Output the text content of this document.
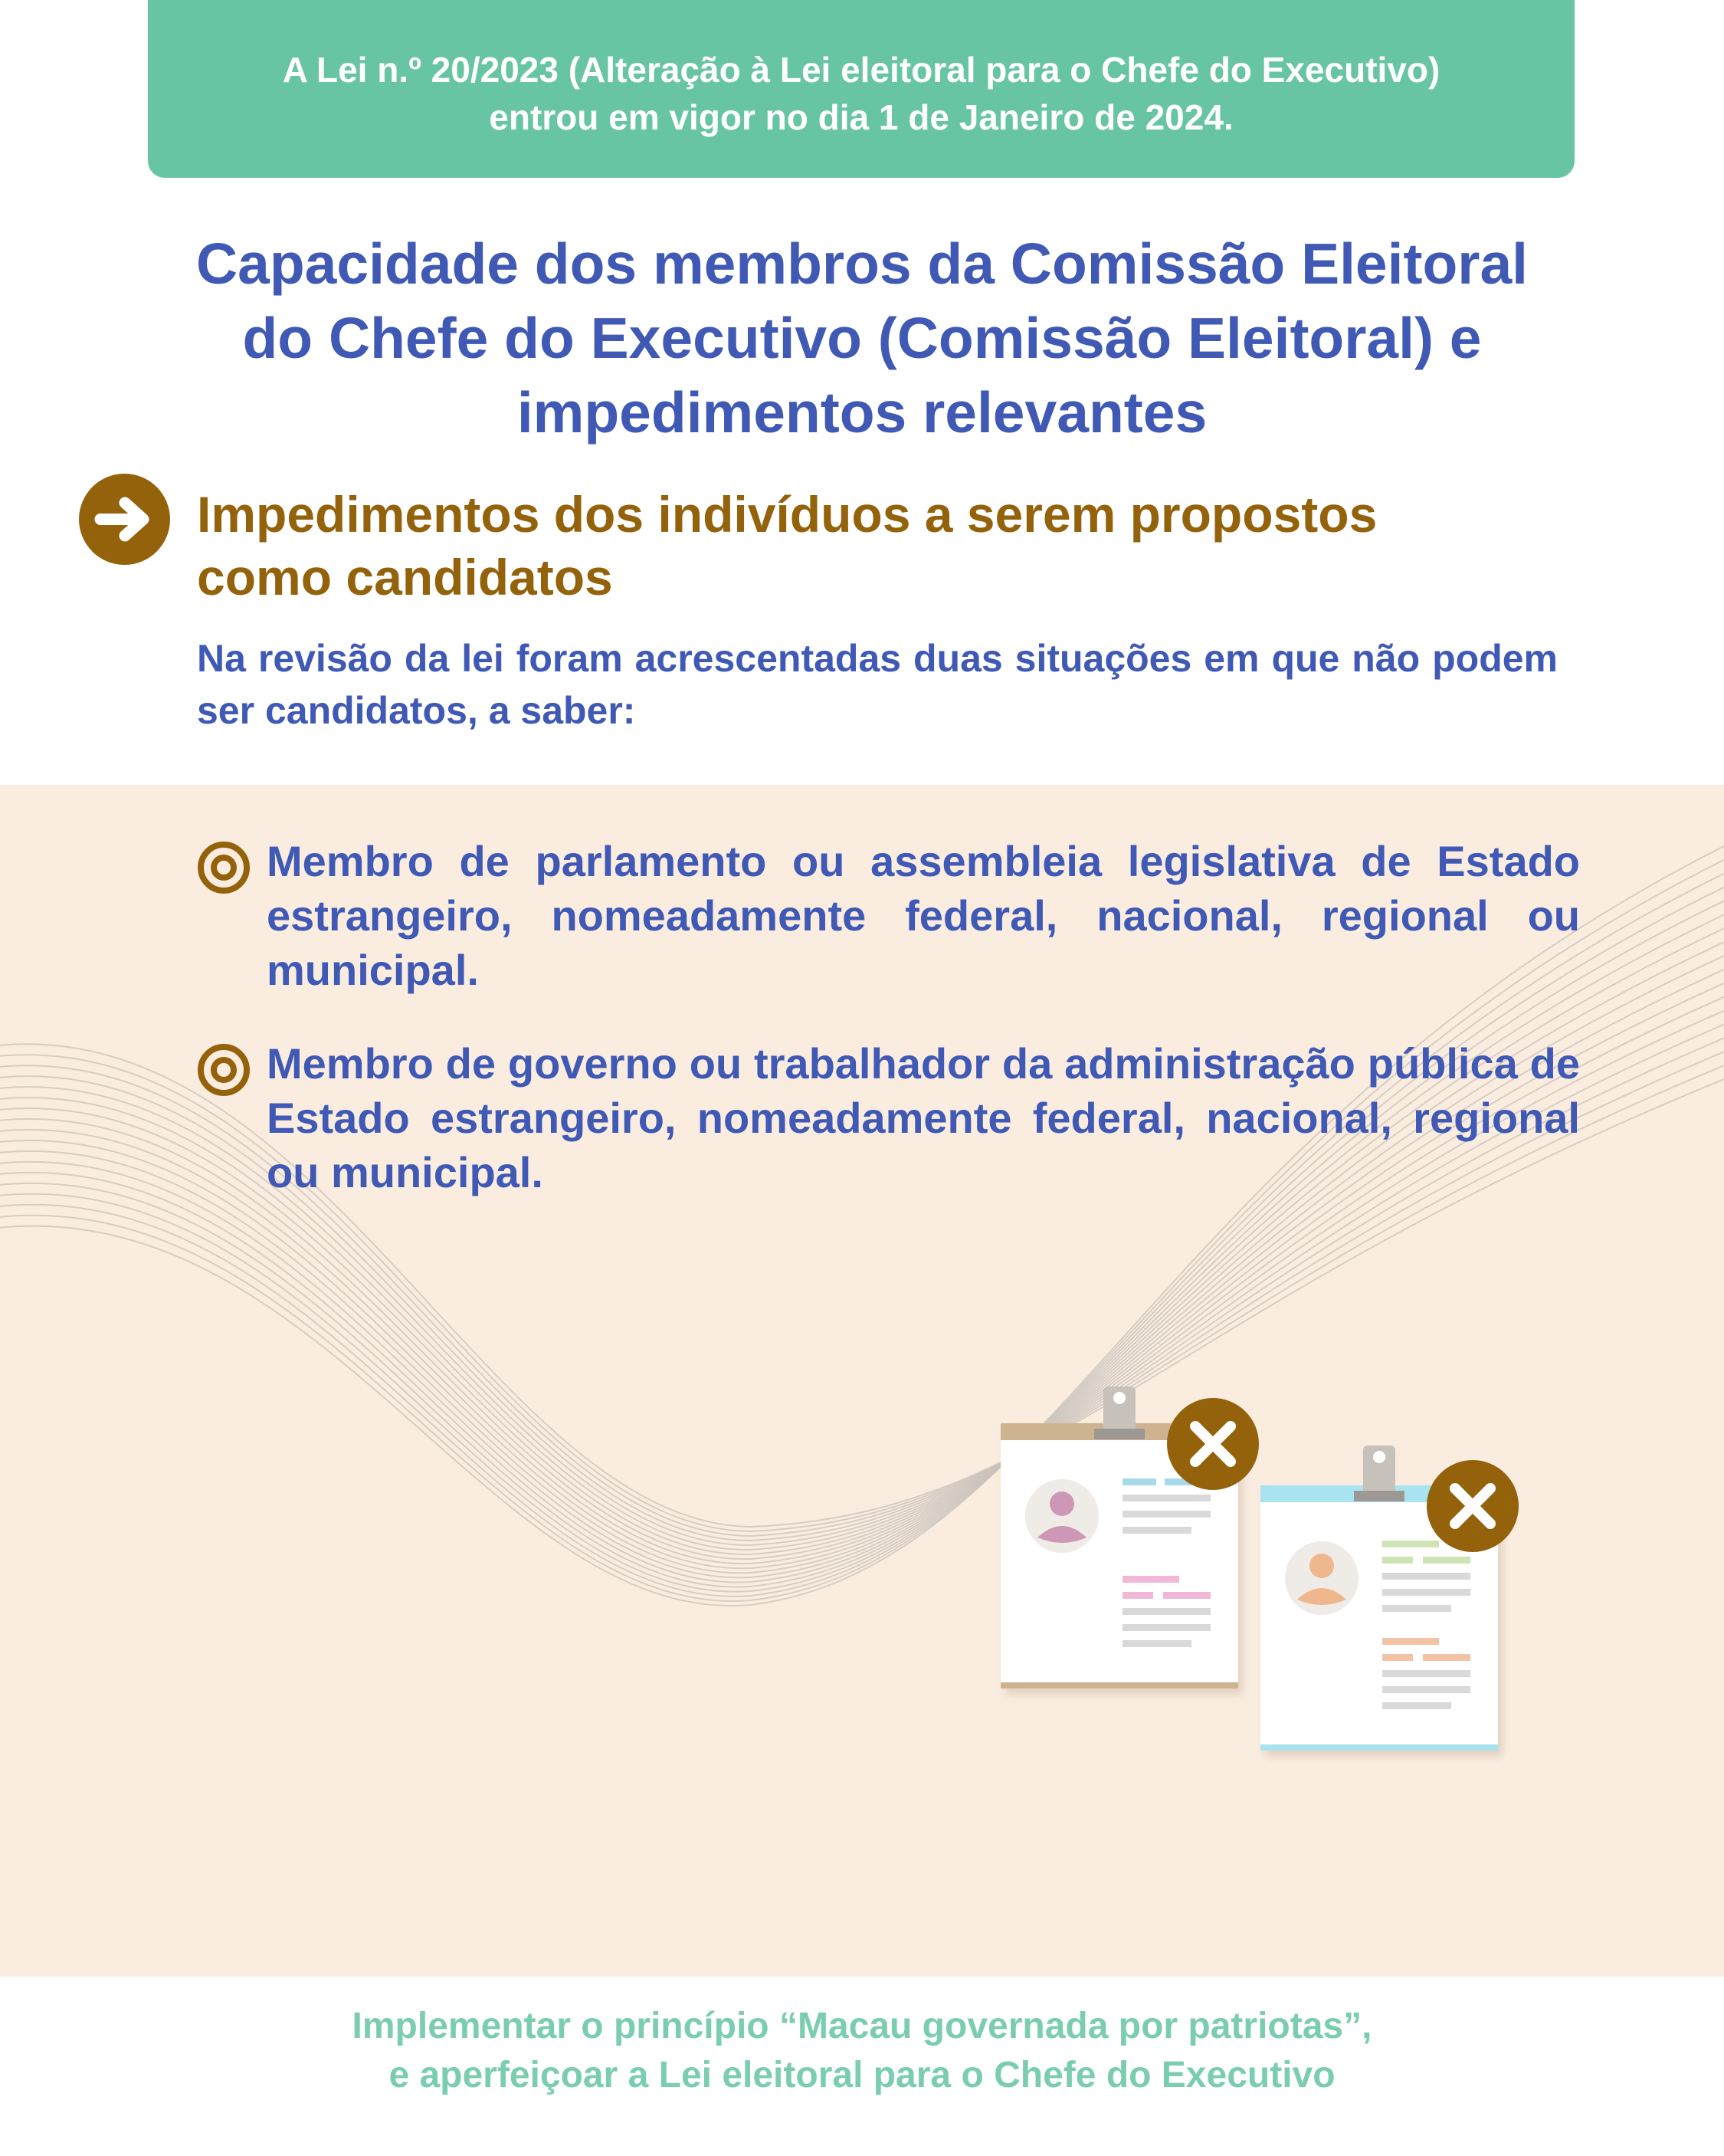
A Lei n.º 20/2023 (Alteração à Lei eleitoral para o Chefe do Executivo)
entrou em vigor no dia 1 de Janeiro de 2024.
Capacidade dos membros da Comissão Eleitoral
do Chefe do Executivo (Comissão Eleitoral) e
impedimentos relevantes
Impedimentos dos indivíduos a serem propostos
como candidatos
Na revisão da lei foram acrescentadas duas situações em que não podem ser candidatos, a saber:
Membro de parlamento ou assembleia legislativa de Estado estrangeiro, nomeadamente federal, nacional, regional ou municipal.
Membro de governo ou trabalhador da administração pública de Estado estrangeiro, nomeadamente federal, nacional, regional ou municipal.
Implementar o princípio “Macau governada por patriotas”,
e aperfeiçoar a Lei eleitoral para o Chefe do Executivo
